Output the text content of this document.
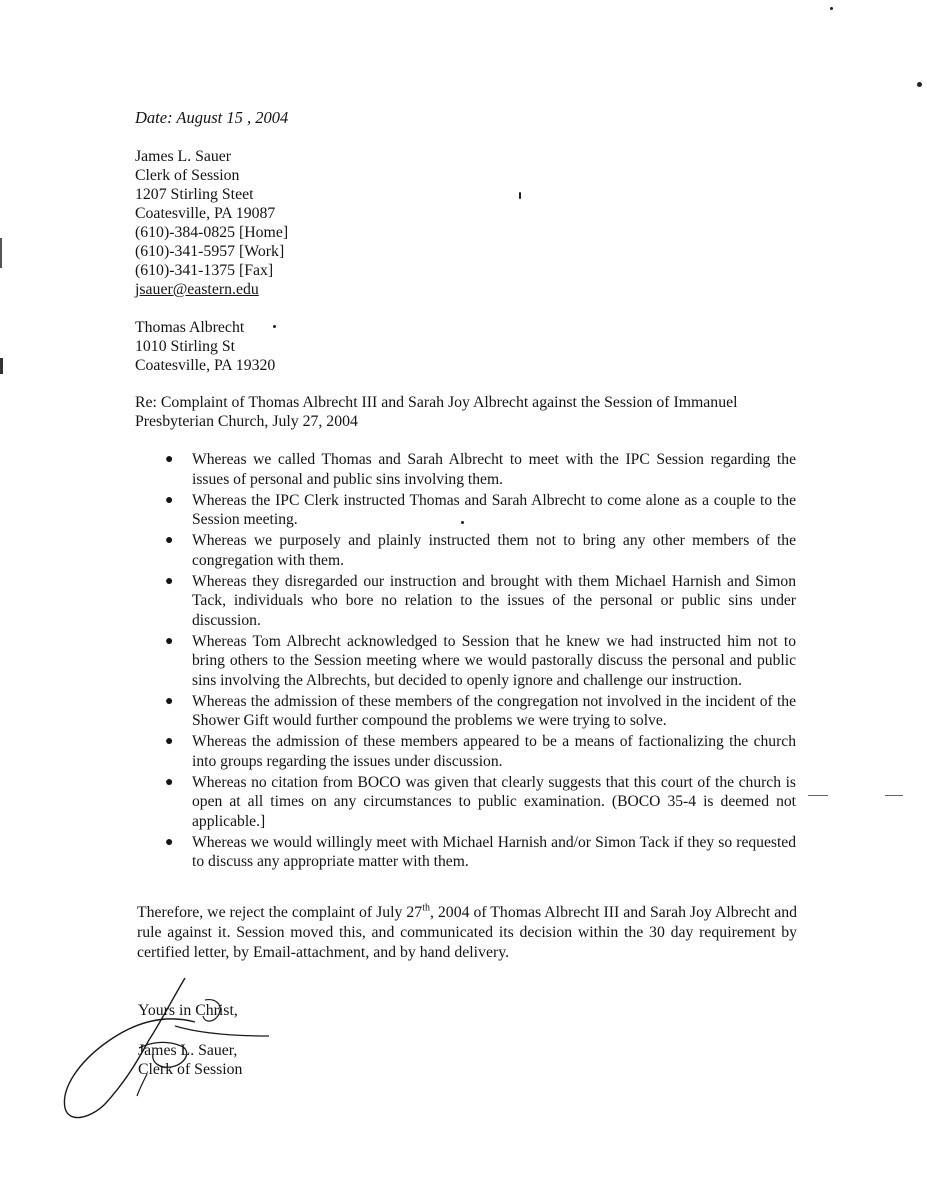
Date: August 15 , 2004
James L. Sauer
Clerk of Session
1207 Stirling Steet
Coatesville, PA 19087
(610)-384-0825 [Home]
(610)-341-5957 [Work]
(610)-341-1375 [Fax]
jsauer@eastern.edu
Thomas Albrecht
1010 Stirling St
Coatesville, PA 19320
Re: Complaint of Thomas Albrecht III and Sarah Joy Albrecht against the Session of Immanuel Presbyterian Church, July 27, 2004
● Whereas we called Thomas and Sarah Albrecht to meet with the IPC Session regarding the issues of personal and public sins involving them.
● Whereas the IPC Clerk instructed Thomas and Sarah Albrecht to come alone as a couple to the Session meeting.
● Whereas we purposely and plainly instructed them not to bring any other members of the congregation with them.
● Whereas they disregarded our instruction and brought with them Michael Harnish and Simon Tack, individuals who bore no relation to the issues of the personal or public sins under discussion.
● Whereas Tom Albrecht acknowledged to Session that he knew we had instructed him not to bring others to the Session meeting where we would pastorally discuss the personal and public sins involving the Albrechts, but decided to openly ignore and challenge our instruction.
● Whereas the admission of these members of the congregation not involved in the incident of the Shower Gift would further compound the problems we were trying to solve.
● Whereas the admission of these members appeared to be a means of factionalizing the church into groups regarding the issues under discussion.
● Whereas no citation from BOCO was given that clearly suggests that this court of the church is open at all times on any circumstances to public examination. (BOCO 35-4 is deemed not applicable.]
● Whereas we would willingly meet with Michael Harnish and/or Simon Tack if they so requested to discuss any appropriate matter with them.
Therefore, we reject the complaint of July 27th, 2004 of Thomas Albrecht III and Sarah Joy Albrecht and rule against it. Session moved this, and communicated its decision within the 30 day requirement by certified letter, by Email-attachment, and by hand delivery.
Yours in Christ,
James L. Sauer,
Clerk of Session
